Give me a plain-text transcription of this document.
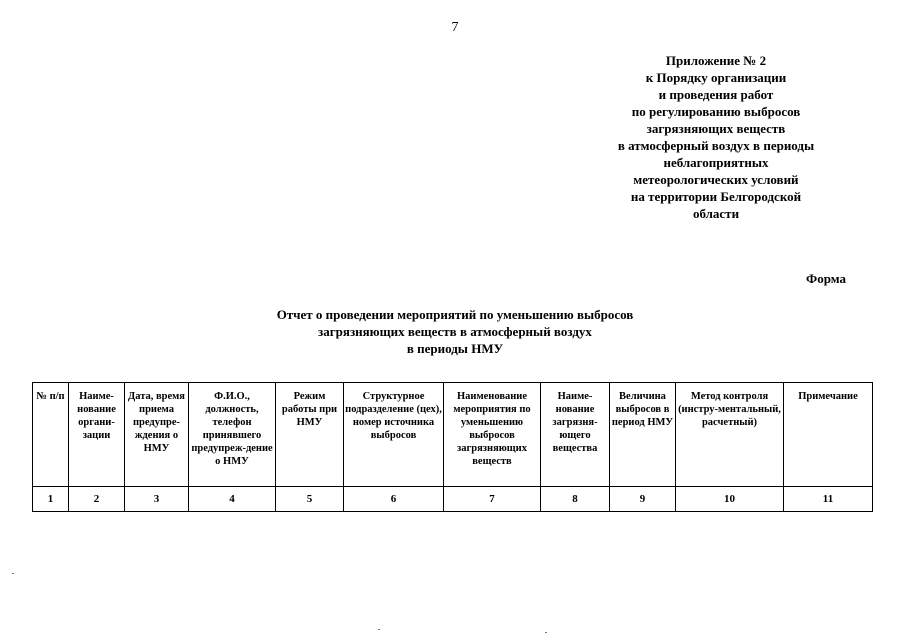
7
Приложение № 2
к Порядку организации
и проведения работ
по регулированию выбросов
загрязняющих веществ
в атмосферный воздух в периоды
неблагоприятных
метеорологических условий
на территории Белгородской
области
Форма
Отчет о проведении мероприятий по уменьшению выбросов
загрязняющих веществ в атмосферный воздух
в периоды НМУ
№ п/п	Наиме-нование органи-зации	Дата, время приема предупре-ждения о НМУ	Ф.И.О., должность, телефон принявшего предупреж-дение о НМУ	Режим работы при НМУ	Структурное подразделение (цех), номер источника выбросов	Наименование мероприятия по уменьшению выбросов загрязняющих веществ	Наиме-нование загрязня-ющего вещества	Величина выбросов в период НМУ	Метод контроля (инстру-ментальный, расчетный)	Примечание
1	2	3	4	5	6	7	8	9	10	11
